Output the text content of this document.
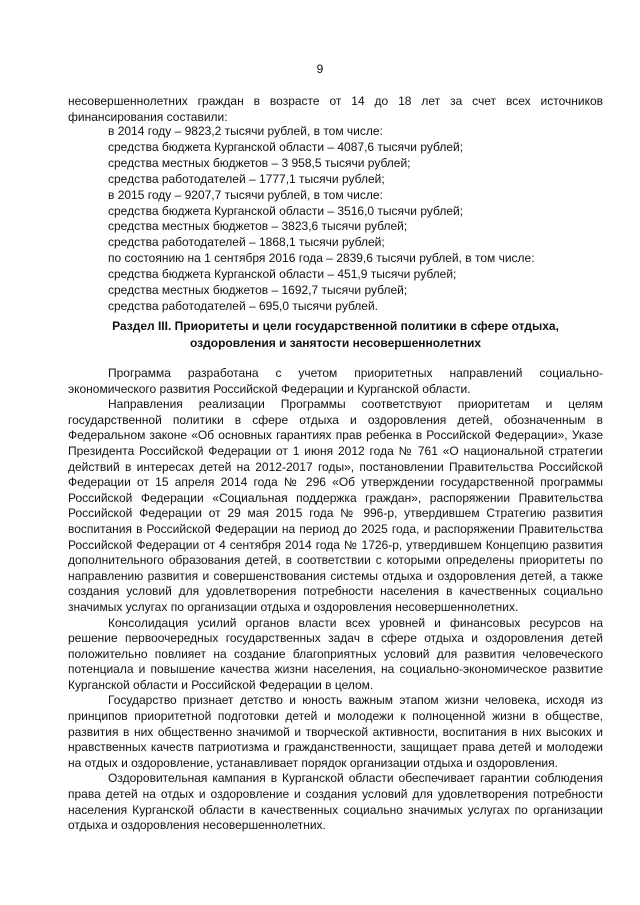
9
несовершеннолетних граждан в возрасте от 14 до 18 лет за счет всех источников финансирования составили:
в 2014 году – 9823,2 тысячи рублей, в том числе:
средства бюджета Курганской области – 4087,6 тысячи рублей;
средства местных бюджетов – 3 958,5 тысячи рублей;
средства работодателей – 1777,1 тысячи рублей;
в 2015 году – 9207,7 тысячи рублей, в том числе:
средства бюджета Курганской области – 3516,0 тысячи рублей;
средства местных бюджетов – 3823,6 тысячи рублей;
средства работодателей – 1868,1 тысячи рублей;
по состоянию на 1 сентября 2016 года – 2839,6 тысячи рублей, в том числе:
средства бюджета Курганской области – 451,9 тысячи рублей;
средства местных бюджетов – 1692,7 тысячи рублей;
средства работодателей – 695,0 тысячи рублей.
Раздел III. Приоритеты и цели государственной политики в сфере отдыха,
оздоровления и занятости несовершеннолетних

Программа разработана с учетом приоритетных направлений социально-экономического развития Российской Федерации и Курганской области.

Направления реализации Программы соответствуют приоритетам и целям государственной политики в сфере отдыха и оздоровления детей, обозначенным в Федеральном законе «Об основных гарантиях прав ребенка в Российской Федерации», Указе Президента Российской Федерации от 1 июня 2012 года № 761 «О национальной стратегии действий в интересах детей на 2012-2017 годы», постановлении Правительства Российской Федерации от 15 апреля 2014 года № 296 «Об утверждении государственной программы Российской Федерации «Социальная поддержка граждан», распоряжении Правительства Российской Федерации от 29 мая 2015 года № 996-р, утвердившем Стратегию развития воспитания в Российской Федерации на период до 2025 года, и распоряжении Правительства Российской Федерации от 4 сентября 2014 года № 1726-р, утвердившем Концепцию развития дополнительного образования детей, в соответствии с которыми определены приоритеты по направлению развития и совершенствования системы отдыха и оздоровления детей, а также создания условий для удовлетворения потребности населения в качественных социально значимых услугах по организации отдыха и оздоровления несовершеннолетних.

Консолидация усилий органов власти всех уровней и финансовых ресурсов на решение первоочередных государственных задач в сфере отдыха и оздоровления детей положительно повлияет на создание благоприятных условий для развития человеческого потенциала и повышение качества жизни населения, на социально-экономическое развитие Курганской области и Российской Федерации в целом.

Государство признает детство и юность важным этапом жизни человека, исходя из принципов приоритетной подготовки детей и молодежи к полноценной жизни в обществе, развития в них общественно значимой и творческой активности, воспитания в них высоких и нравственных качеств патриотизма и гражданственности, защищает права детей и молодежи на отдых и оздоровление, устанавливает порядок организации отдыха и оздоровления.

Оздоровительная кампания в Курганской области обеспечивает гарантии соблюдения права детей на отдых и оздоровление и создания условий для удовлетворения потребности населения Курганской области в качественных социально значимых услугах по организации отдыха и оздоровления несовершеннолетних.
